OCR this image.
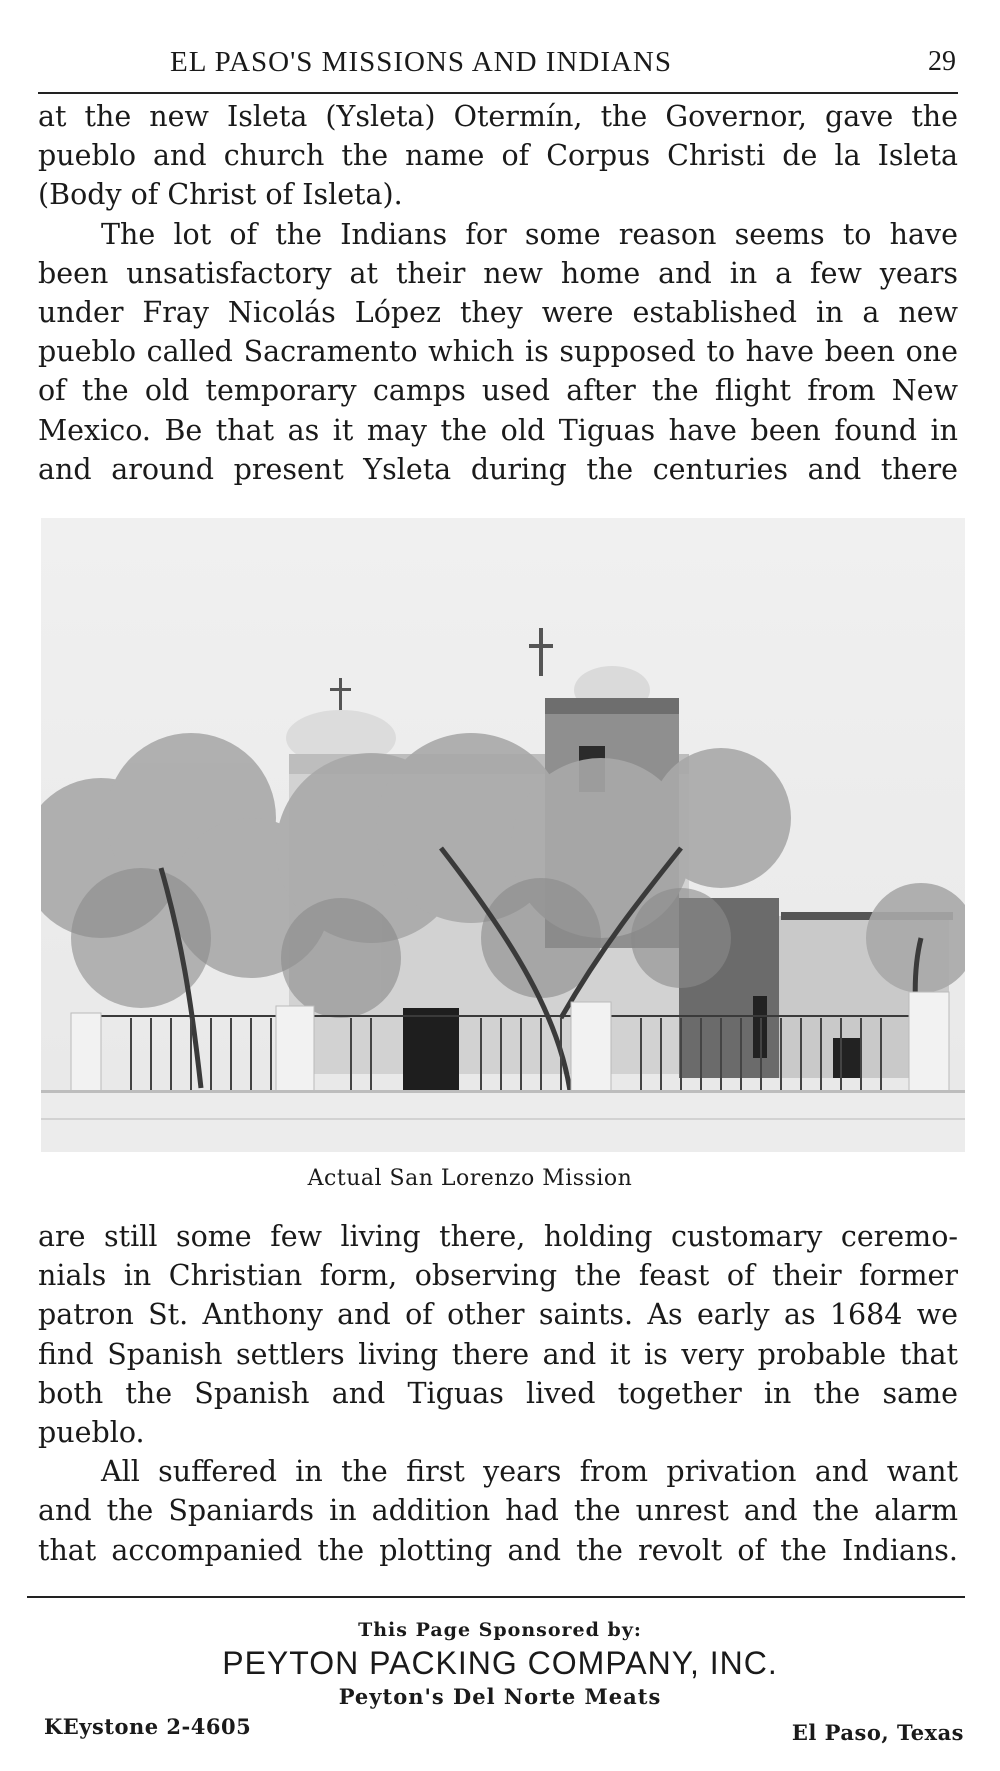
EL PASO'S MISSIONS AND INDIANS	29

at the new Isleta (Ysleta) Otermín, the Governor, gave the
pueblo and church the name of Corpus Christi de la Isleta
(Body of Christ of Isleta).

The lot of the Indians for some reason seems to have
been unsatisfactory at their new home and in a few years
under Fray Nicolás López they were established in a new
pueblo called Sacramento which is supposed to have been one
of the old temporary camps used after the flight from New
Mexico. Be that as it may the old Tiguas have been found in
and around present Ysleta during the centuries and there

Actual San Lorenzo Mission

are still some few living there, holding customary ceremo-
nials in Christian form, observing the feast of their former
patron St. Anthony and of other saints. As early as 1684 we
find Spanish settlers living there and it is very probable that
both the Spanish and Tiguas lived together in the same
pueblo.

All suffered in the first years from privation and want
and the Spaniards in addition had the unrest and the alarm
that accompanied the plotting and the revolt of the Indians.

This Page Sponsored by:
PEYTON PACKING COMPANY, INC.
Peyton's Del Norte Meats
KEystone 2-4605	El Paso, Texas
